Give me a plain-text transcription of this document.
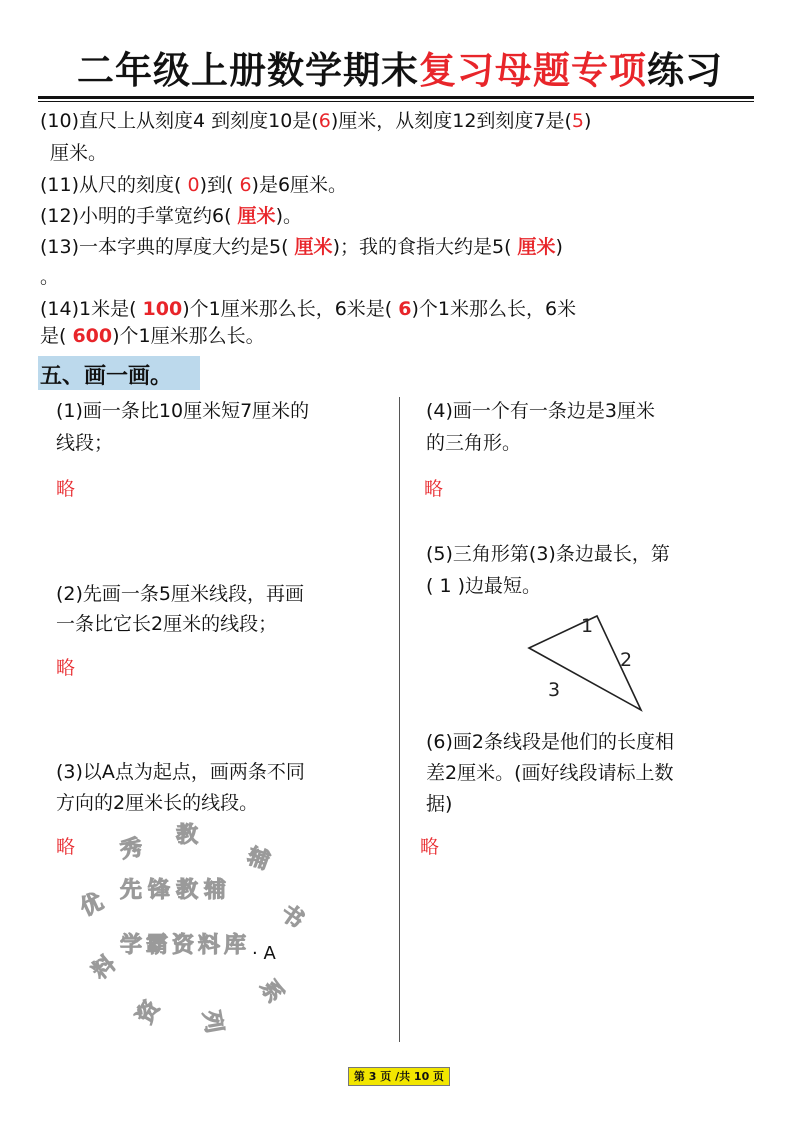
二年级上册数学期末复习母题专项练习
(10)直尺上从刻度4 到刻度10是(6)厘米，从刻度12到刻度7是(5)
厘米。
(11)从尺的刻度( 0)到( 6)是6厘米。
(12)小明的手掌宽约6( 厘米)。
(13)一本字典的厚度大约是5( 厘米)；我的食指大约是5( 厘米)
。
(14)1米是( 100)个1厘米那么长，6米是( 6)个1米那么长，6米
是( 600)个1厘米那么长。
五、画一画。
(1)画一条比10厘米短7厘米的
线段；
略
(2)先画一条5厘米线段，再画
一条比它长2厘米的线段；
略
(3)以A点为起点，画两条不同
方向的2厘米长的线段。
略
· A
(4)画一个有一条边是3厘米
的三角形。
略
(5)三角形第(3)条边最长，第
( 1 )边最短。
(6)画2条线段是他们的长度相
差2厘米。(画好线段请标上数
据)
略
1
2
3
先锋教辅
学霸资料库
优
秀 教
辅
书
系
列
资
料
第 3 页 /共 10 页
